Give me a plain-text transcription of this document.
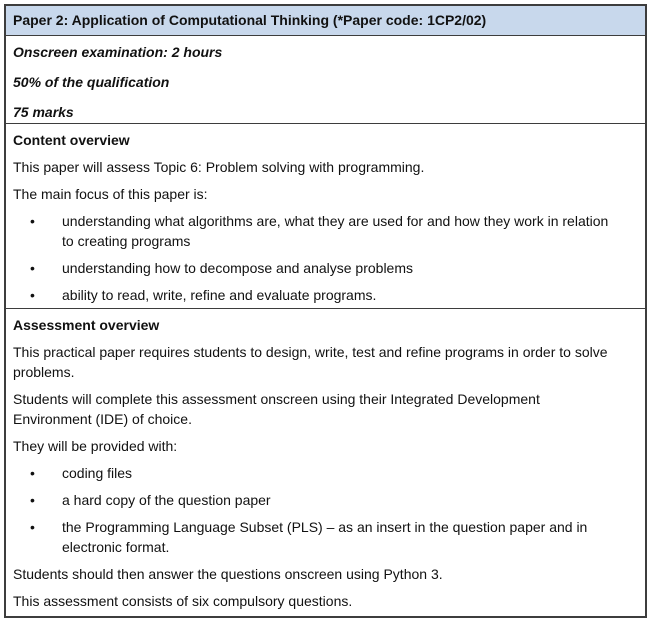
Paper 2: Application of Computational Thinking (*Paper code: 1CP2/02)

Onscreen examination: 2 hours

50% of the qualification

75 marks

Content overview

This paper will assess Topic 6: Problem solving with programming.

The main focus of this paper is:

• understanding what algorithms are, what they are used for and how they work in relation to creating programs
• understanding how to decompose and analyse problems
• ability to read, write, refine and evaluate programs.

Assessment overview

This practical paper requires students to design, write, test and refine programs in order to solve problems.

Students will complete this assessment onscreen using their Integrated Development Environment (IDE) of choice.

They will be provided with:

• coding files
• a hard copy of the question paper
• the Programming Language Subset (PLS) – as an insert in the question paper and in electronic format.

Students should then answer the questions onscreen using Python 3.

This assessment consists of six compulsory questions.
